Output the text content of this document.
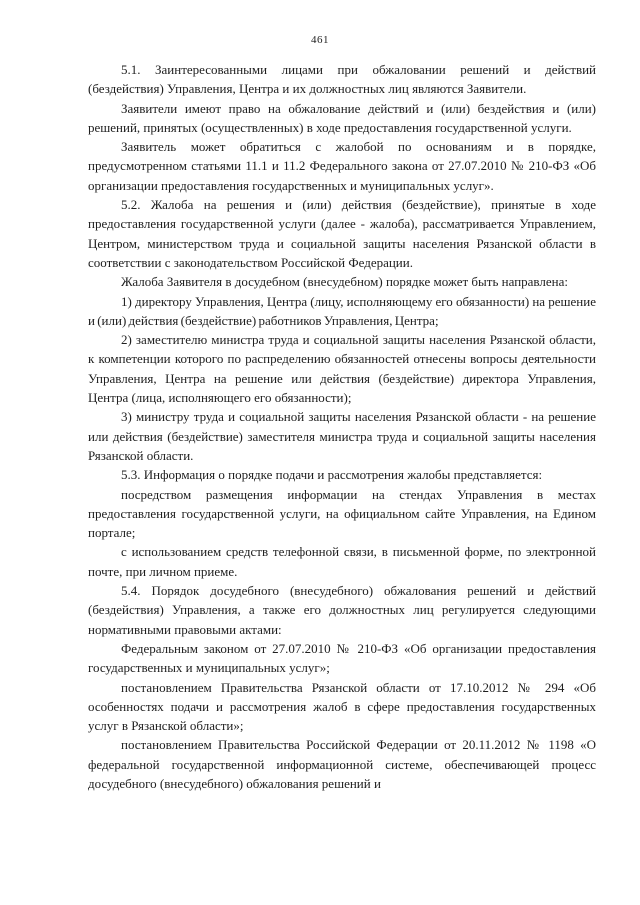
461

5.1. Заинтересованными лицами при обжаловании решений и действий (бездействия) Управления, Центра и их должностных лиц являются Заявители.

Заявители имеют право на обжалование действий и (или) бездействия и (или) решений, принятых (осуществленных) в ходе предоставления государственной услуги.

Заявитель может обратиться с жалобой по основаниям и в порядке, предусмотренном статьями 11.1 и 11.2 Федерального закона от 27.07.2010 № 210-ФЗ «Об организации предоставления государственных и муниципальных услуг».

5.2. Жалоба на решения и (или) действия (бездействие), принятые в ходе предоставления государственной услуги (далее - жалоба), рассматривается Управлением, Центром, министерством труда и социальной защиты населения Рязанской области в соответствии с законодательством Российской Федерации.

Жалоба Заявителя в досудебном (внесудебном) порядке может быть направлена:

1) директору Управления, Центра (лицу, исполняющему его обязанности) на решение и (или) действия (бездействие) работников Управления, Центра;

2) заместителю министра труда и социальной защиты населения Рязанской области, к компетенции которого по распределению обязанностей отнесены вопросы деятельности Управления, Центра на решение или действия (бездействие) директора Управления, Центра (лица, исполняющего его обязанности);

3) министру труда и социальной защиты населения Рязанской области - на решение или действия (бездействие) заместителя министра труда и социальной защиты населения Рязанской области.

5.3. Информация о порядке подачи и рассмотрения жалобы представляется:

посредством размещения информации на стендах Управления в местах предоставления государственной услуги, на официальном сайте Управления, на Едином портале;

с использованием средств телефонной связи, в письменной форме, по электронной почте, при личном приеме.

5.4. Порядок досудебного (внесудебного) обжалования решений и действий (бездействия) Управления, а также его должностных лиц регулируется следующими нормативными правовыми актами:

Федеральным законом от 27.07.2010 № 210-ФЗ «Об организации предоставления государственных и муниципальных услуг»;

постановлением Правительства Рязанской области от 17.10.2012 № 294 «Об особенностях подачи и рассмотрения жалоб в сфере предоставления государственных услуг в Рязанской области»;

постановлением Правительства Российской Федерации от 20.11.2012 № 1198 «О федеральной государственной информационной системе, обеспечивающей процесс досудебного (внесудебного) обжалования решений и
